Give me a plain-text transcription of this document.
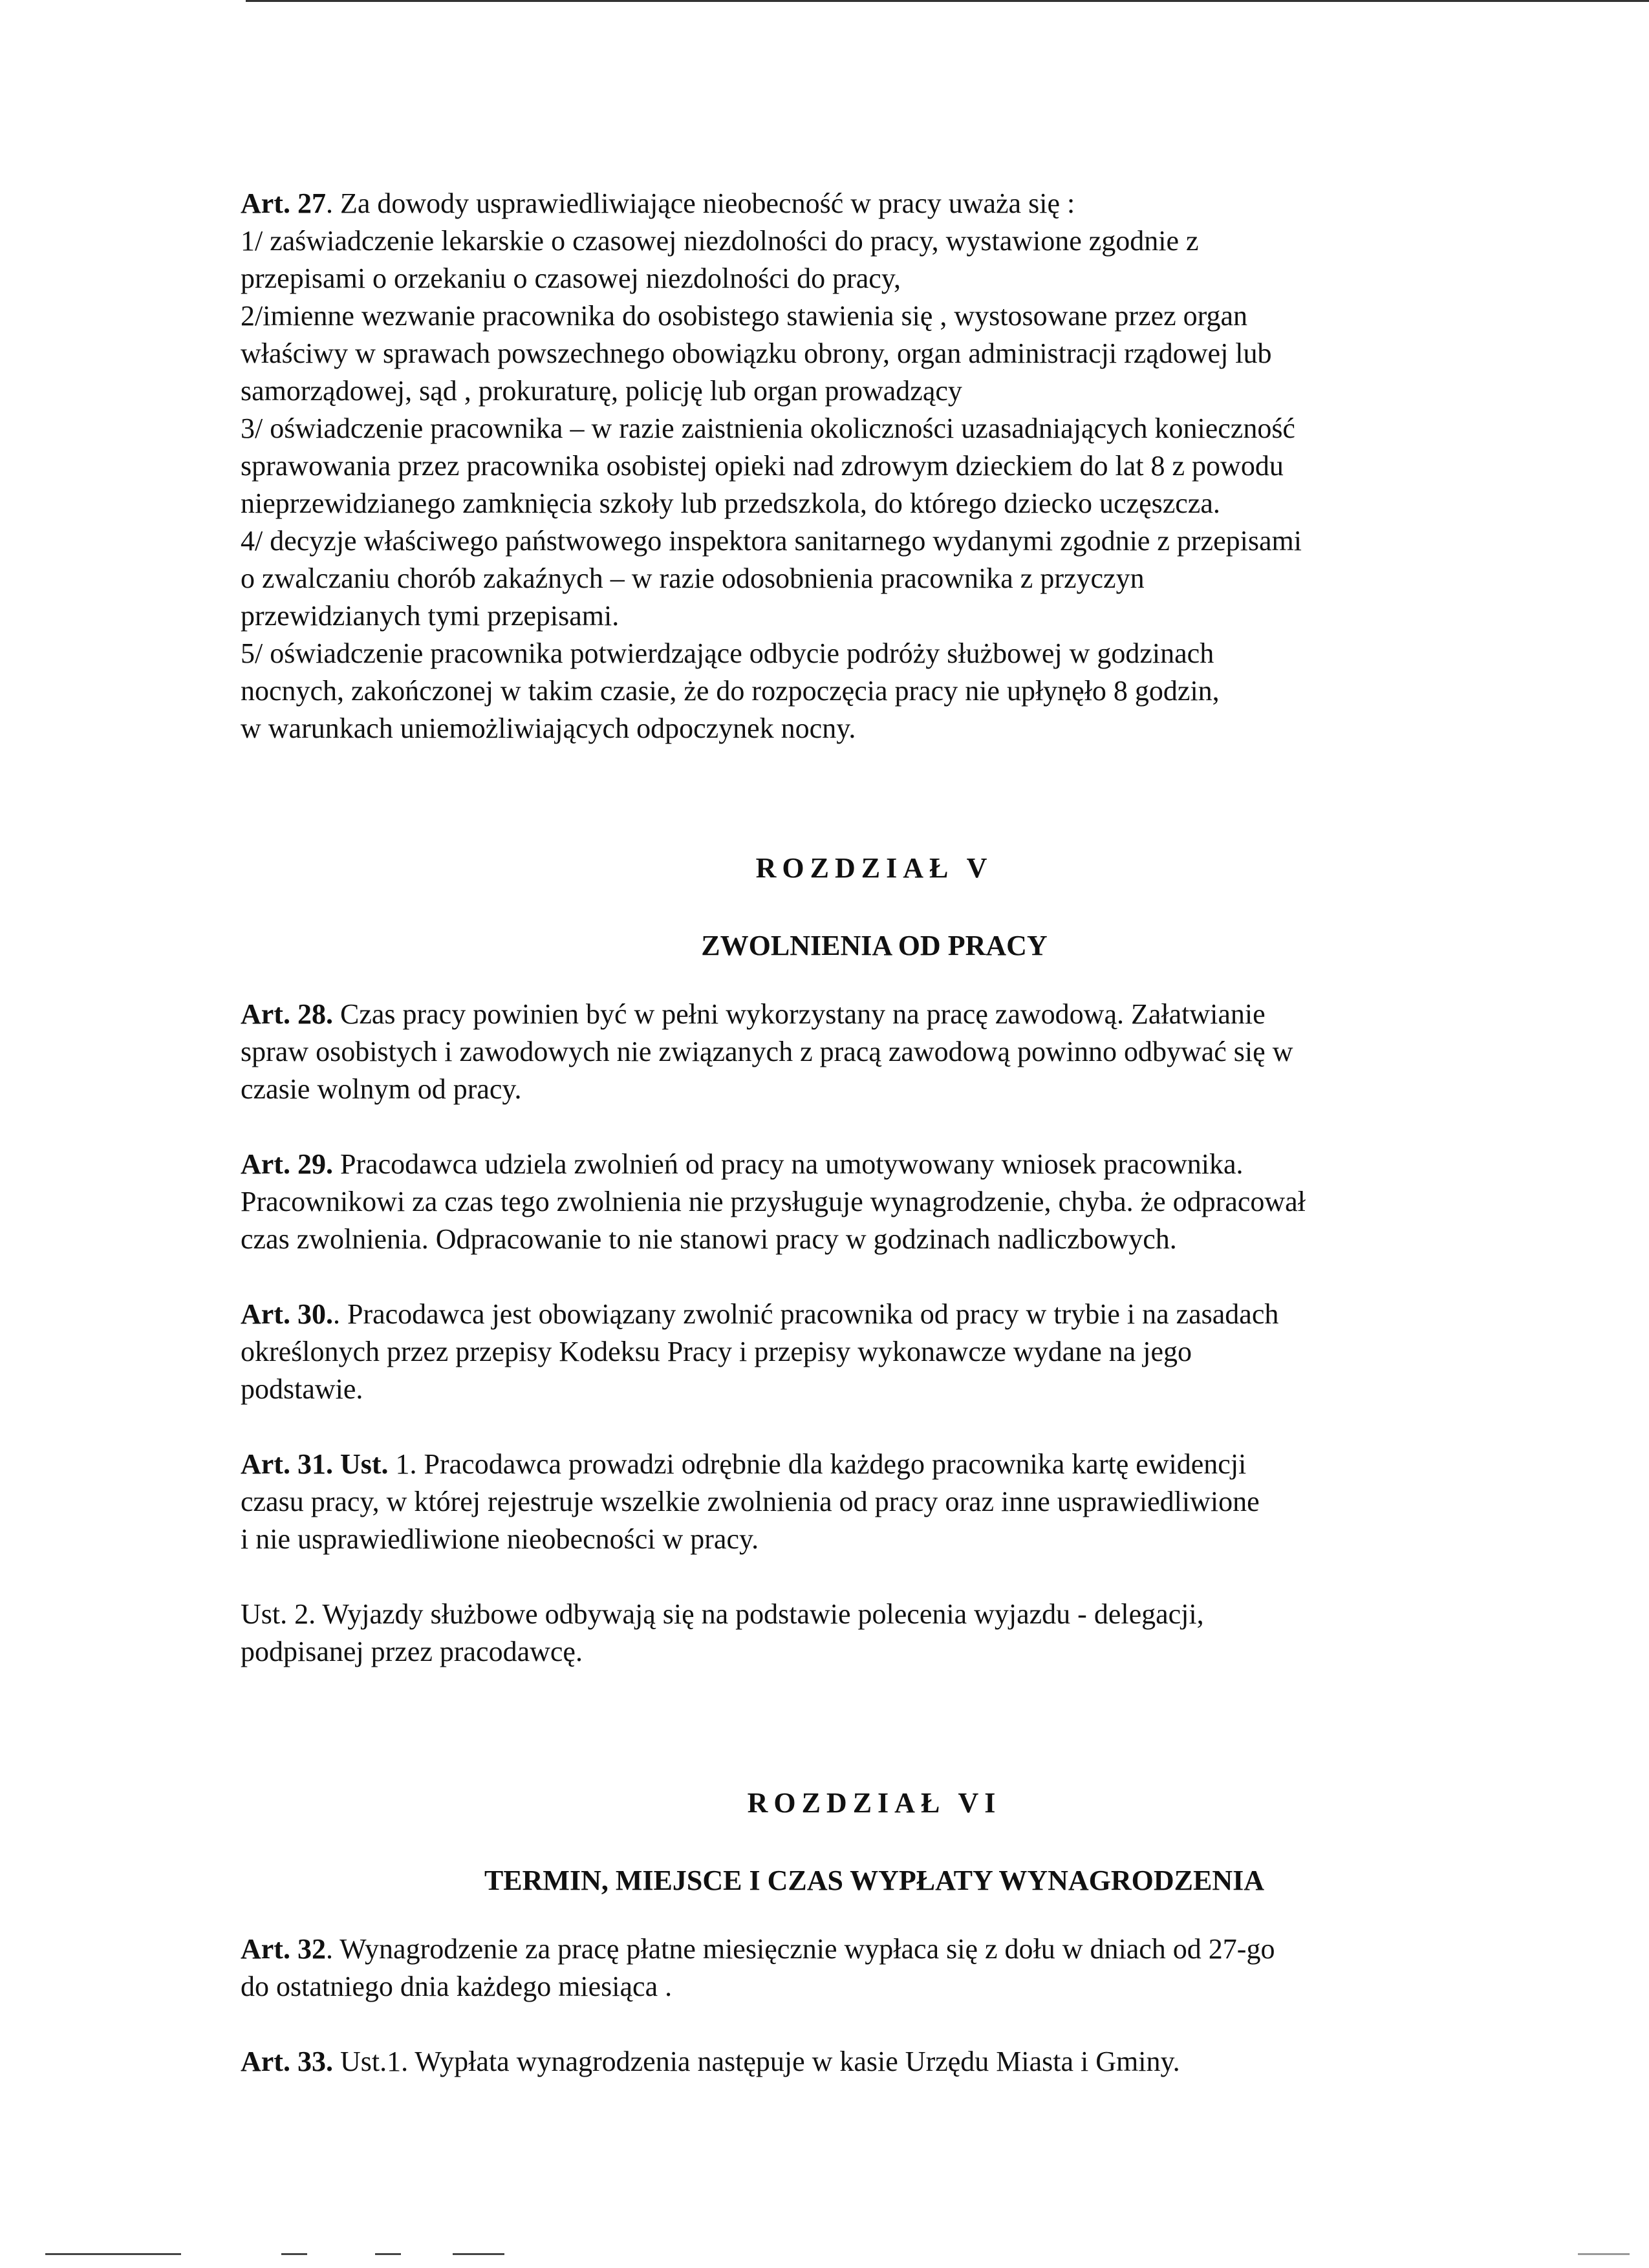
Art. 27. Za dowody usprawiedliwiające nieobecność w pracy uważa się :
1/ zaświadczenie lekarskie o czasowej niezdolności do pracy, wystawione zgodnie z
przepisami o orzekaniu o czasowej niezdolności do pracy,
2/imienne wezwanie pracownika do osobistego stawienia się , wystosowane przez organ
właściwy w sprawach powszechnego obowiązku obrony, organ administracji rządowej lub
samorządowej, sąd , prokuraturę, policję lub organ prowadzący
3/ oświadczenie pracownika – w razie zaistnienia okoliczności uzasadniających konieczność
sprawowania przez pracownika osobistej opieki nad zdrowym dzieckiem do lat 8 z powodu
nieprzewidzianego zamknięcia szkoły lub przedszkola, do którego dziecko uczęszcza.
4/ decyzje właściwego państwowego inspektora sanitarnego wydanymi zgodnie z przepisami
o zwalczaniu chorób zakaźnych – w razie odosobnienia pracownika z przyczyn
przewidzianych tymi przepisami.
5/ oświadczenie pracownika potwierdzające odbycie podróży służbowej w godzinach
nocnych, zakończonej w takim czasie, że do rozpoczęcia pracy nie upłynęło 8 godzin,
w warunkach uniemożliwiających odpoczynek nocny.

ROZDZIAŁ V

ZWOLNIENIA OD PRACY

Art. 28. Czas pracy powinien być w pełni wykorzystany na pracę zawodową. Załatwianie
spraw osobistych i zawodowych nie związanych z pracą zawodową powinno odbywać się w
czasie wolnym od pracy.

Art. 29. Pracodawca udziela zwolnień od pracy na umotywowany wniosek pracownika.
Pracownikowi za czas tego zwolnienia nie przysługuje wynagrodzenie, chyba. że odpracował
czas zwolnienia. Odpracowanie to nie stanowi pracy w godzinach nadliczbowych.

Art. 30.. Pracodawca jest obowiązany zwolnić pracownika od pracy w trybie i na zasadach
określonych przez przepisy Kodeksu Pracy i przepisy wykonawcze wydane na jego
podstawie.

Art. 31. Ust. 1. Pracodawca prowadzi odrębnie dla każdego pracownika kartę ewidencji
czasu pracy, w której rejestruje wszelkie zwolnienia od pracy oraz inne usprawiedliwione
i nie usprawiedliwione nieobecności w pracy.

Ust. 2. Wyjazdy służbowe odbywają się na podstawie polecenia wyjazdu - delegacji,
podpisanej przez pracodawcę.

ROZDZIAŁ VI

TERMIN, MIEJSCE I CZAS WYPŁATY WYNAGRODZENIA

Art. 32. Wynagrodzenie za pracę płatne miesięcznie wypłaca się z dołu w dniach od 27-go
do ostatniego dnia każdego miesiąca .

Art. 33. Ust.1. Wypłata wynagrodzenia następuje w kasie Urzędu Miasta i Gminy.
